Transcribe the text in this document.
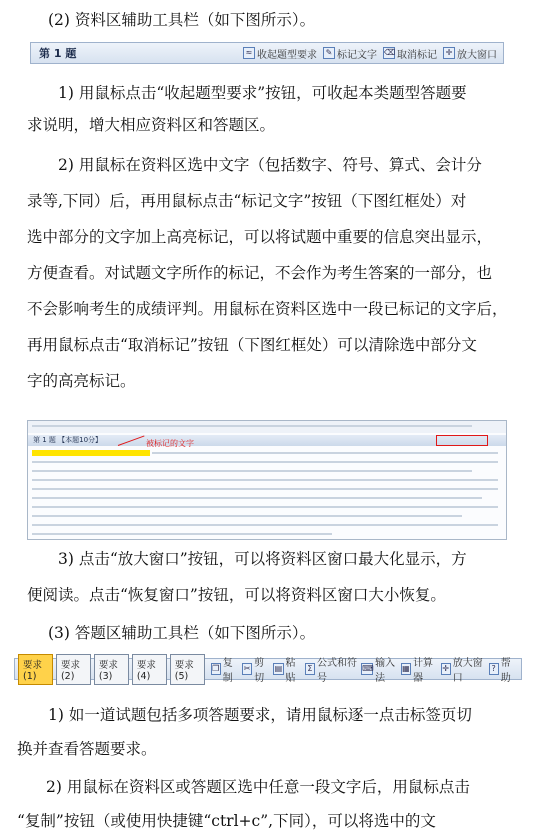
(2) 资料区辅助工具栏（如下图所示）。
第 1 题	≈ 收起题型要求	✎ 标记文字 ⌫ 取消标记	✛ 放大窗口
1) 用鼠标点击“收起题型要求”按钮，可收起本类题型答题要
求说明，增大相应资料区和答题区。
2) 用鼠标在资料区选中文字（包括数字、符号、算式、会计分
录等,下同）后，再用鼠标点击“标记文字”按钮（下图红框处）对
选中部分的文字加上高亮标记，可以将试题中重要的信息突出显示，
方便查看。对试题文字所作的标记，不会作为考生答案的一部分，也
不会影响考生的成绩评判。用鼠标在资料区选中一段已标记的文字后，
再用鼠标点击“取消标记”按钮（下图红框处）可以清除选中部分文
字的高亮标记。
第 1 题 【本题10分】	被标记的文字
3) 点击“放大窗口”按钮，可以将资料区窗口最大化显示，方
便阅读。点击“恢复窗口”按钮，可以将资料区窗口大小恢复。
(3) 答题区辅助工具栏（如下图所示）。
要求(1)
要求(2)
要求(3)
要求(4)
要求(5)
❐ 复制
✂ 剪切
▤ 粘贴
Σ 公式和符号
⌨ 输入法
▦ 计算器
✛ 放大窗口
? 帮助
1) 如一道试题包括多项答题要求，请用鼠标逐一点击标签页切
换并查看答题要求。
2) 用鼠标在资料区或答题区选中任意一段文字后，用鼠标点击
“复制”按钮（或使用快捷键“ctrl+c”,下同），可以将选中的文
